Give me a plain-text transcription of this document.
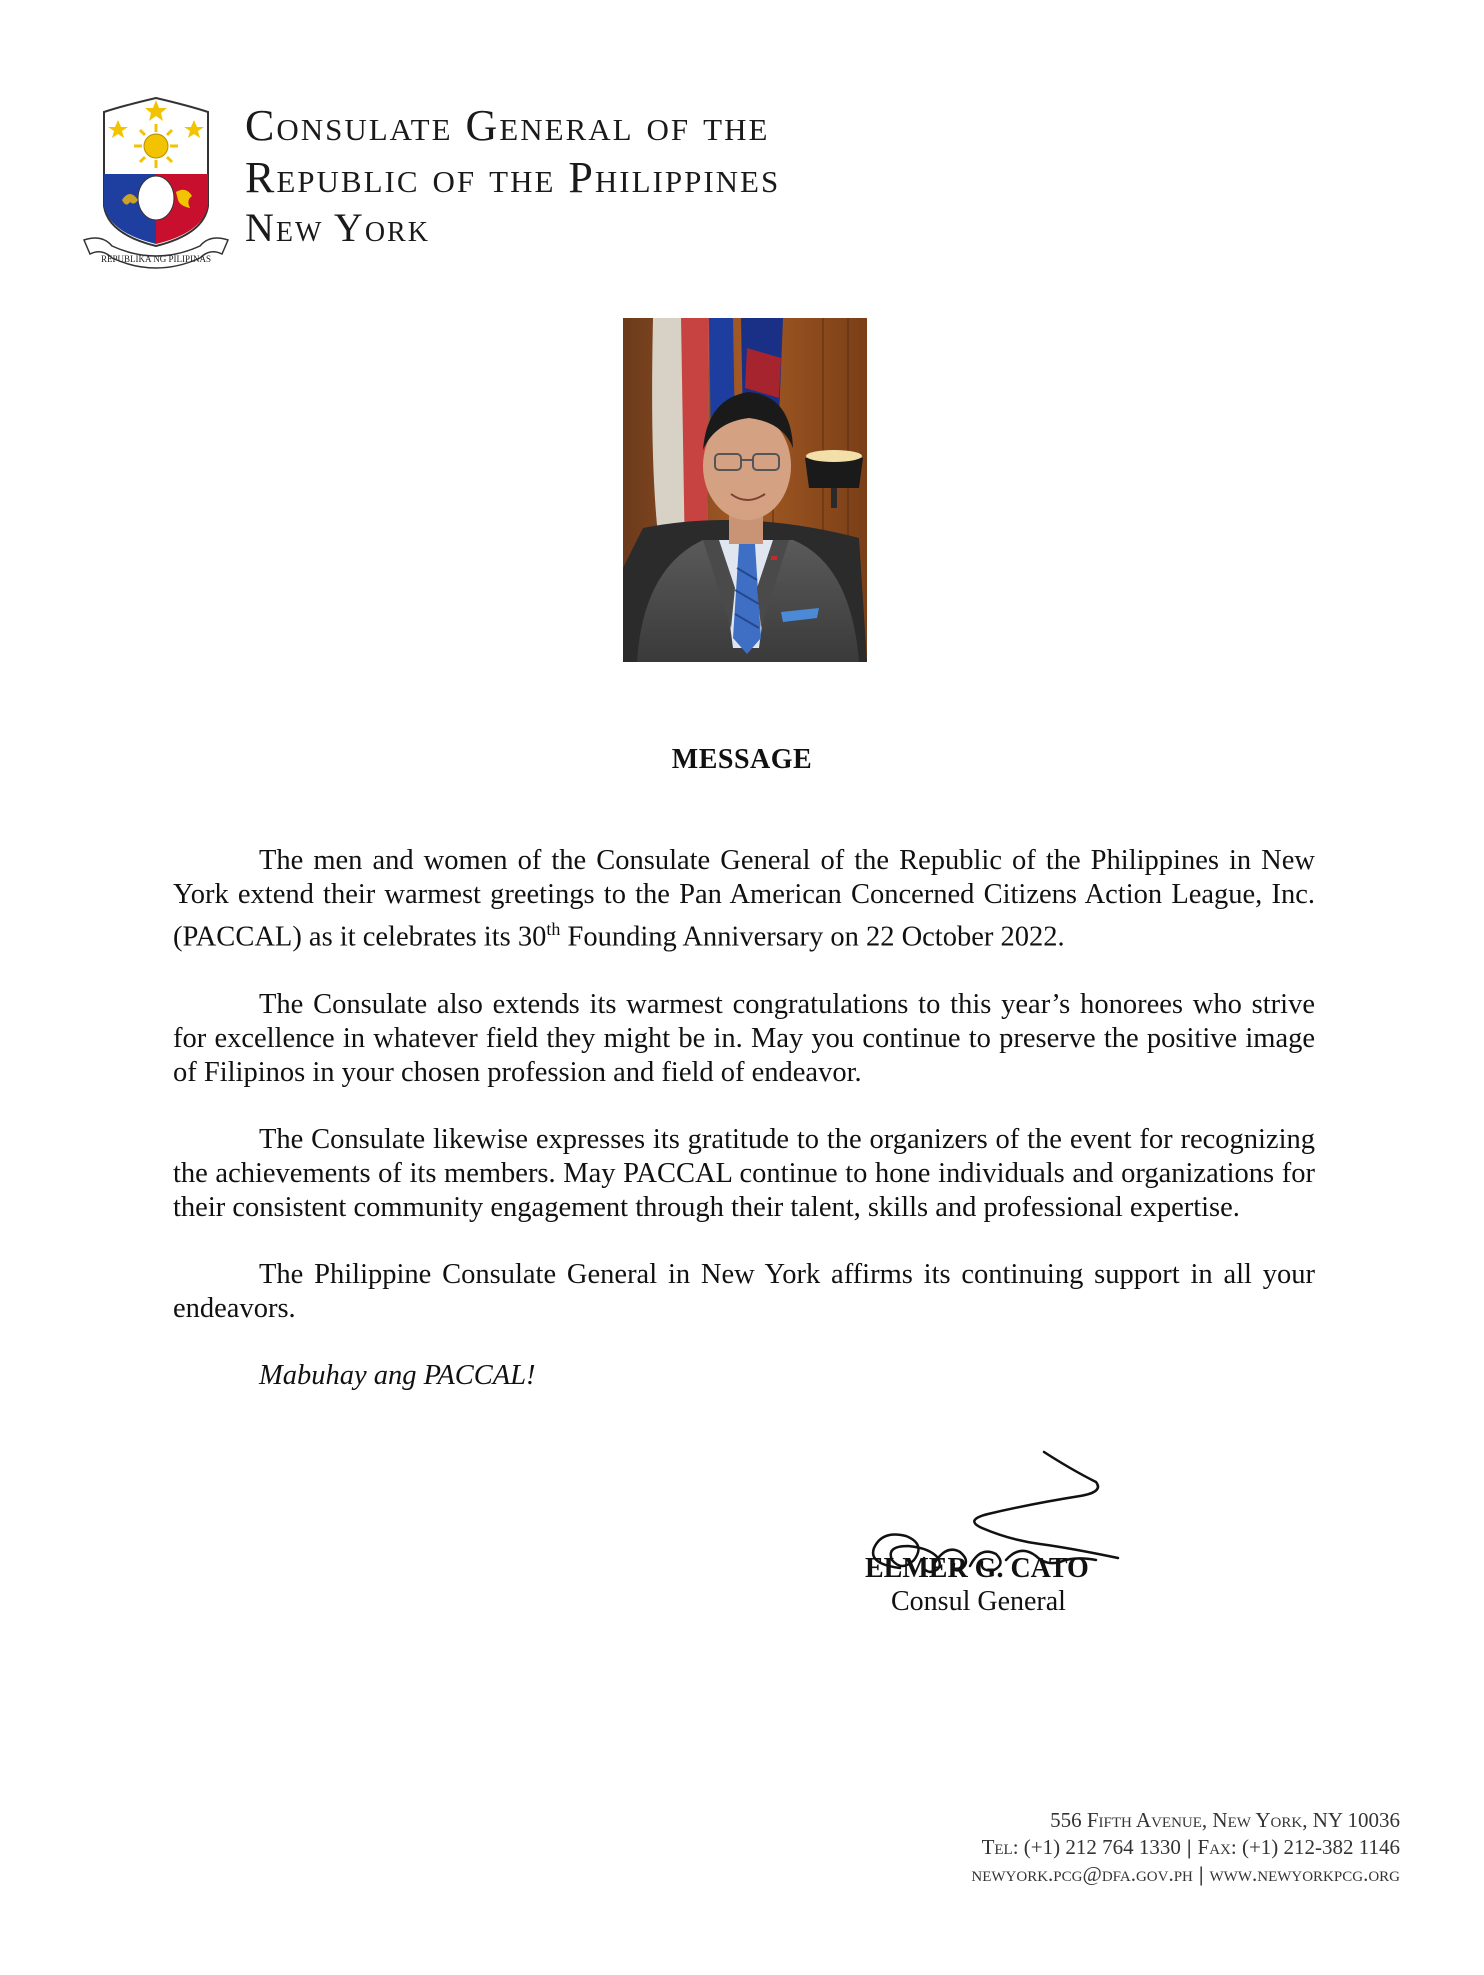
REPUBLIKA NG PILIPINAS
Consulate General of the
Republic of the Philippines
New York
MESSAGE

The men and women of the Consulate General of the Republic of the Philippines in New York extend their warmest greetings to the Pan American Concerned Citizens Action League, Inc. (PACCAL) as it celebrates its 30th Founding Anniversary on 22 October 2022.

The Consulate also extends its warmest congratulations to this year’s honorees who strive for excellence in whatever field they might be in. May you continue to preserve the positive image of Filipinos in your chosen profession and field of endeavor.

The Consulate likewise expresses its gratitude to the organizers of the event for recognizing the achievements of its members. May PACCAL continue to hone individuals and organizations for their consistent community engagement through their talent, skills and professional expertise.

The Philippine Consulate General in New York affirms its continuing support in all your endeavors.

Mabuhay ang PACCAL!

ELMER G. CATO
Consul General
556 Fifth Avenue, New York, NY 10036
Tel: (+1) 212 764 1330 | Fax: (+1) 212-382 1146
newyork.pcg@dfa.gov.ph | www.newyorkpcg.org
